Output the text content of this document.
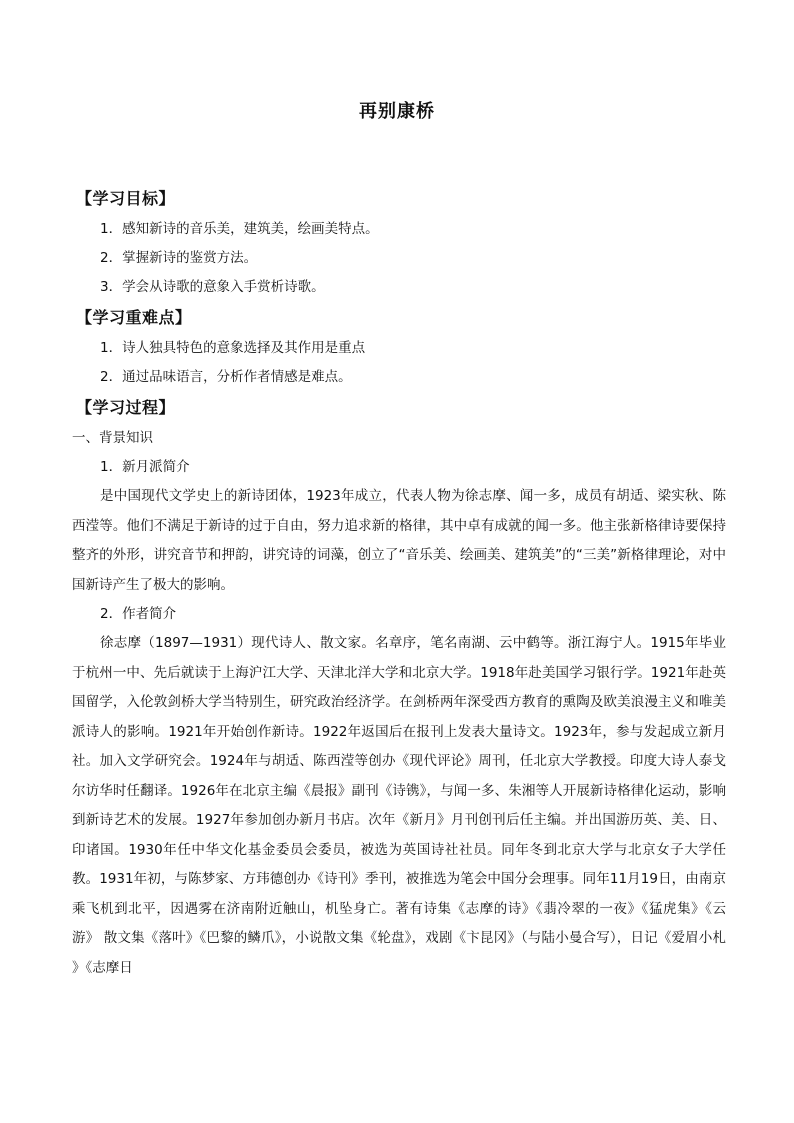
再别康桥
【学习目标】
1．感知新诗的音乐美，建筑美，绘画美特点。
2．掌握新诗的鉴赏方法。
3．学会从诗歌的意象入手赏析诗歌。
【学习重难点】
1．诗人独具特色的意象选择及其作用是重点
2．通过品味语言，分析作者情感是难点。
【学习过程】
一、背景知识
1．新月派简介

是中国现代文学史上的新诗团体，1923年成立，代表人物为徐志摩、闻一多，成员有胡适、梁实秋、陈西滢等。他们不满足于新诗的过于自由，努力追求新的格律，其中卓有成就的闻一多。他主张新格律诗要保持整齐的外形，讲究音节和押韵，讲究诗的词藻，创立了“音乐美、绘画美、建筑美”的“三美”新格律理论，对中国新诗产生了极大的影响。

2．作者简介

徐志摩（1897—1931）现代诗人、散文家。名章序，笔名南湖、云中鹤等。浙江海宁人。1915年毕业于杭州一中、先后就读于上海沪江大学、天津北洋大学和北京大学。1918年赴美国学习银行学。1921年赴英国留学，入伦敦剑桥大学当特别生，研究政治经济学。在剑桥两年深受西方教育的熏陶及欧美浪漫主义和唯美派诗人的影响。1921年开始创作新诗。1922年返国后在报刊上发表大量诗文。1923年，参与发起成立新月社。加入文学研究会。1924年与胡适、陈西滢等创办《现代评论》周刊，任北京大学教授。印度大诗人泰戈尔访华时任翻译。1926年在北京主编《晨报》副刊《诗镌》，与闻一多、朱湘等人开展新诗格律化运动，影响到新诗艺术的发展。1927年参加创办新月书店。次年《新月》月刊创刊后任主编。并出国游历英、美、日、印诸国。1930年任中华文化基金委员会委员，被选为英国诗社社员。同年冬到北京大学与北京女子大学任教。1931年初，与陈梦家、方玮德创办《诗刊》季刊，被推选为笔会中国分会理事。同年11月19日，由南京乘飞机到北平，因遇雾在济南附近触山，机坠身亡。著有诗集《志摩的诗》《翡冷翠的一夜》《猛虎集》《云游》 散文集《落叶》《巴黎的鳞爪》，小说散文集《轮盘》，戏剧《卞昆冈》（与陆小曼合写），日记《爱眉小札 》《志摩日
